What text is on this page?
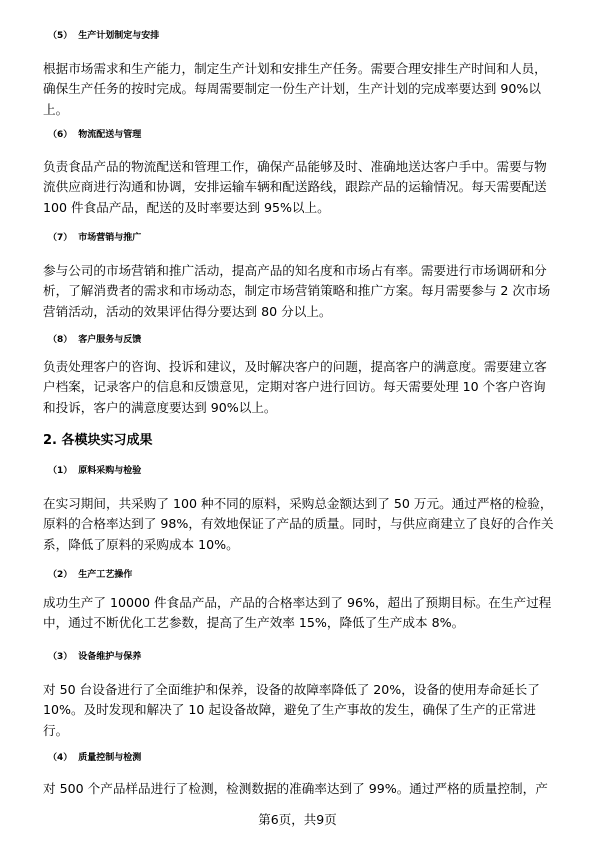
（5） 生产计划制定与安排

根据市场需求和生产能力，制定生产计划和安排生产任务。需要合理安排生产时间和人员，确保生产任务的按时完成。每周需要制定一份生产计划，生产计划的完成率要达到 90%以上。

（6） 物流配送与管理

负责食品产品的物流配送和管理工作，确保产品能够及时、准确地送达客户手中。需要与物流供应商进行沟通和协调，安排运输车辆和配送路线，跟踪产品的运输情况。每天需要配送 100 件食品产品，配送的及时率要达到 95%以上。

（7） 市场营销与推广

参与公司的市场营销和推广活动，提高产品的知名度和市场占有率。需要进行市场调研和分析，了解消费者的需求和市场动态，制定市场营销策略和推广方案。每月需要参与 2 次市场营销活动，活动的效果评估得分要达到 80 分以上。

（8） 客户服务与反馈

负责处理客户的咨询、投诉和建议，及时解决客户的问题，提高客户的满意度。需要建立客户档案，记录客户的信息和反馈意见，定期对客户进行回访。每天需要处理 10 个客户咨询和投诉，客户的满意度要达到 90%以上。

2. 各模块实习成果
（1） 原料采购与检验

在实习期间，共采购了 100 种不同的原料，采购总金额达到了 50 万元。通过严格的检验，原料的合格率达到了 98%，有效地保证了产品的质量。同时，与供应商建立了良好的合作关系，降低了原料的采购成本 10%。

（2） 生产工艺操作

成功生产了 10000 件食品产品，产品的合格率达到了 96%，超出了预期目标。在生产过程中，通过不断优化工艺参数，提高了生产效率 15%，降低了生产成本 8%。

（3） 设备维护与保养

对 50 台设备进行了全面维护和保养，设备的故障率降低了 20%，设备的使用寿命延长了 10%。及时发现和解决了 10 起设备故障，避免了生产事故的发生，确保了生产的正常进行。

（4） 质量控制与检测

对 500 个产品样品进行了检测，检测数据的准确率达到了 99%。通过严格的质量控制，产

第6页，共9页
